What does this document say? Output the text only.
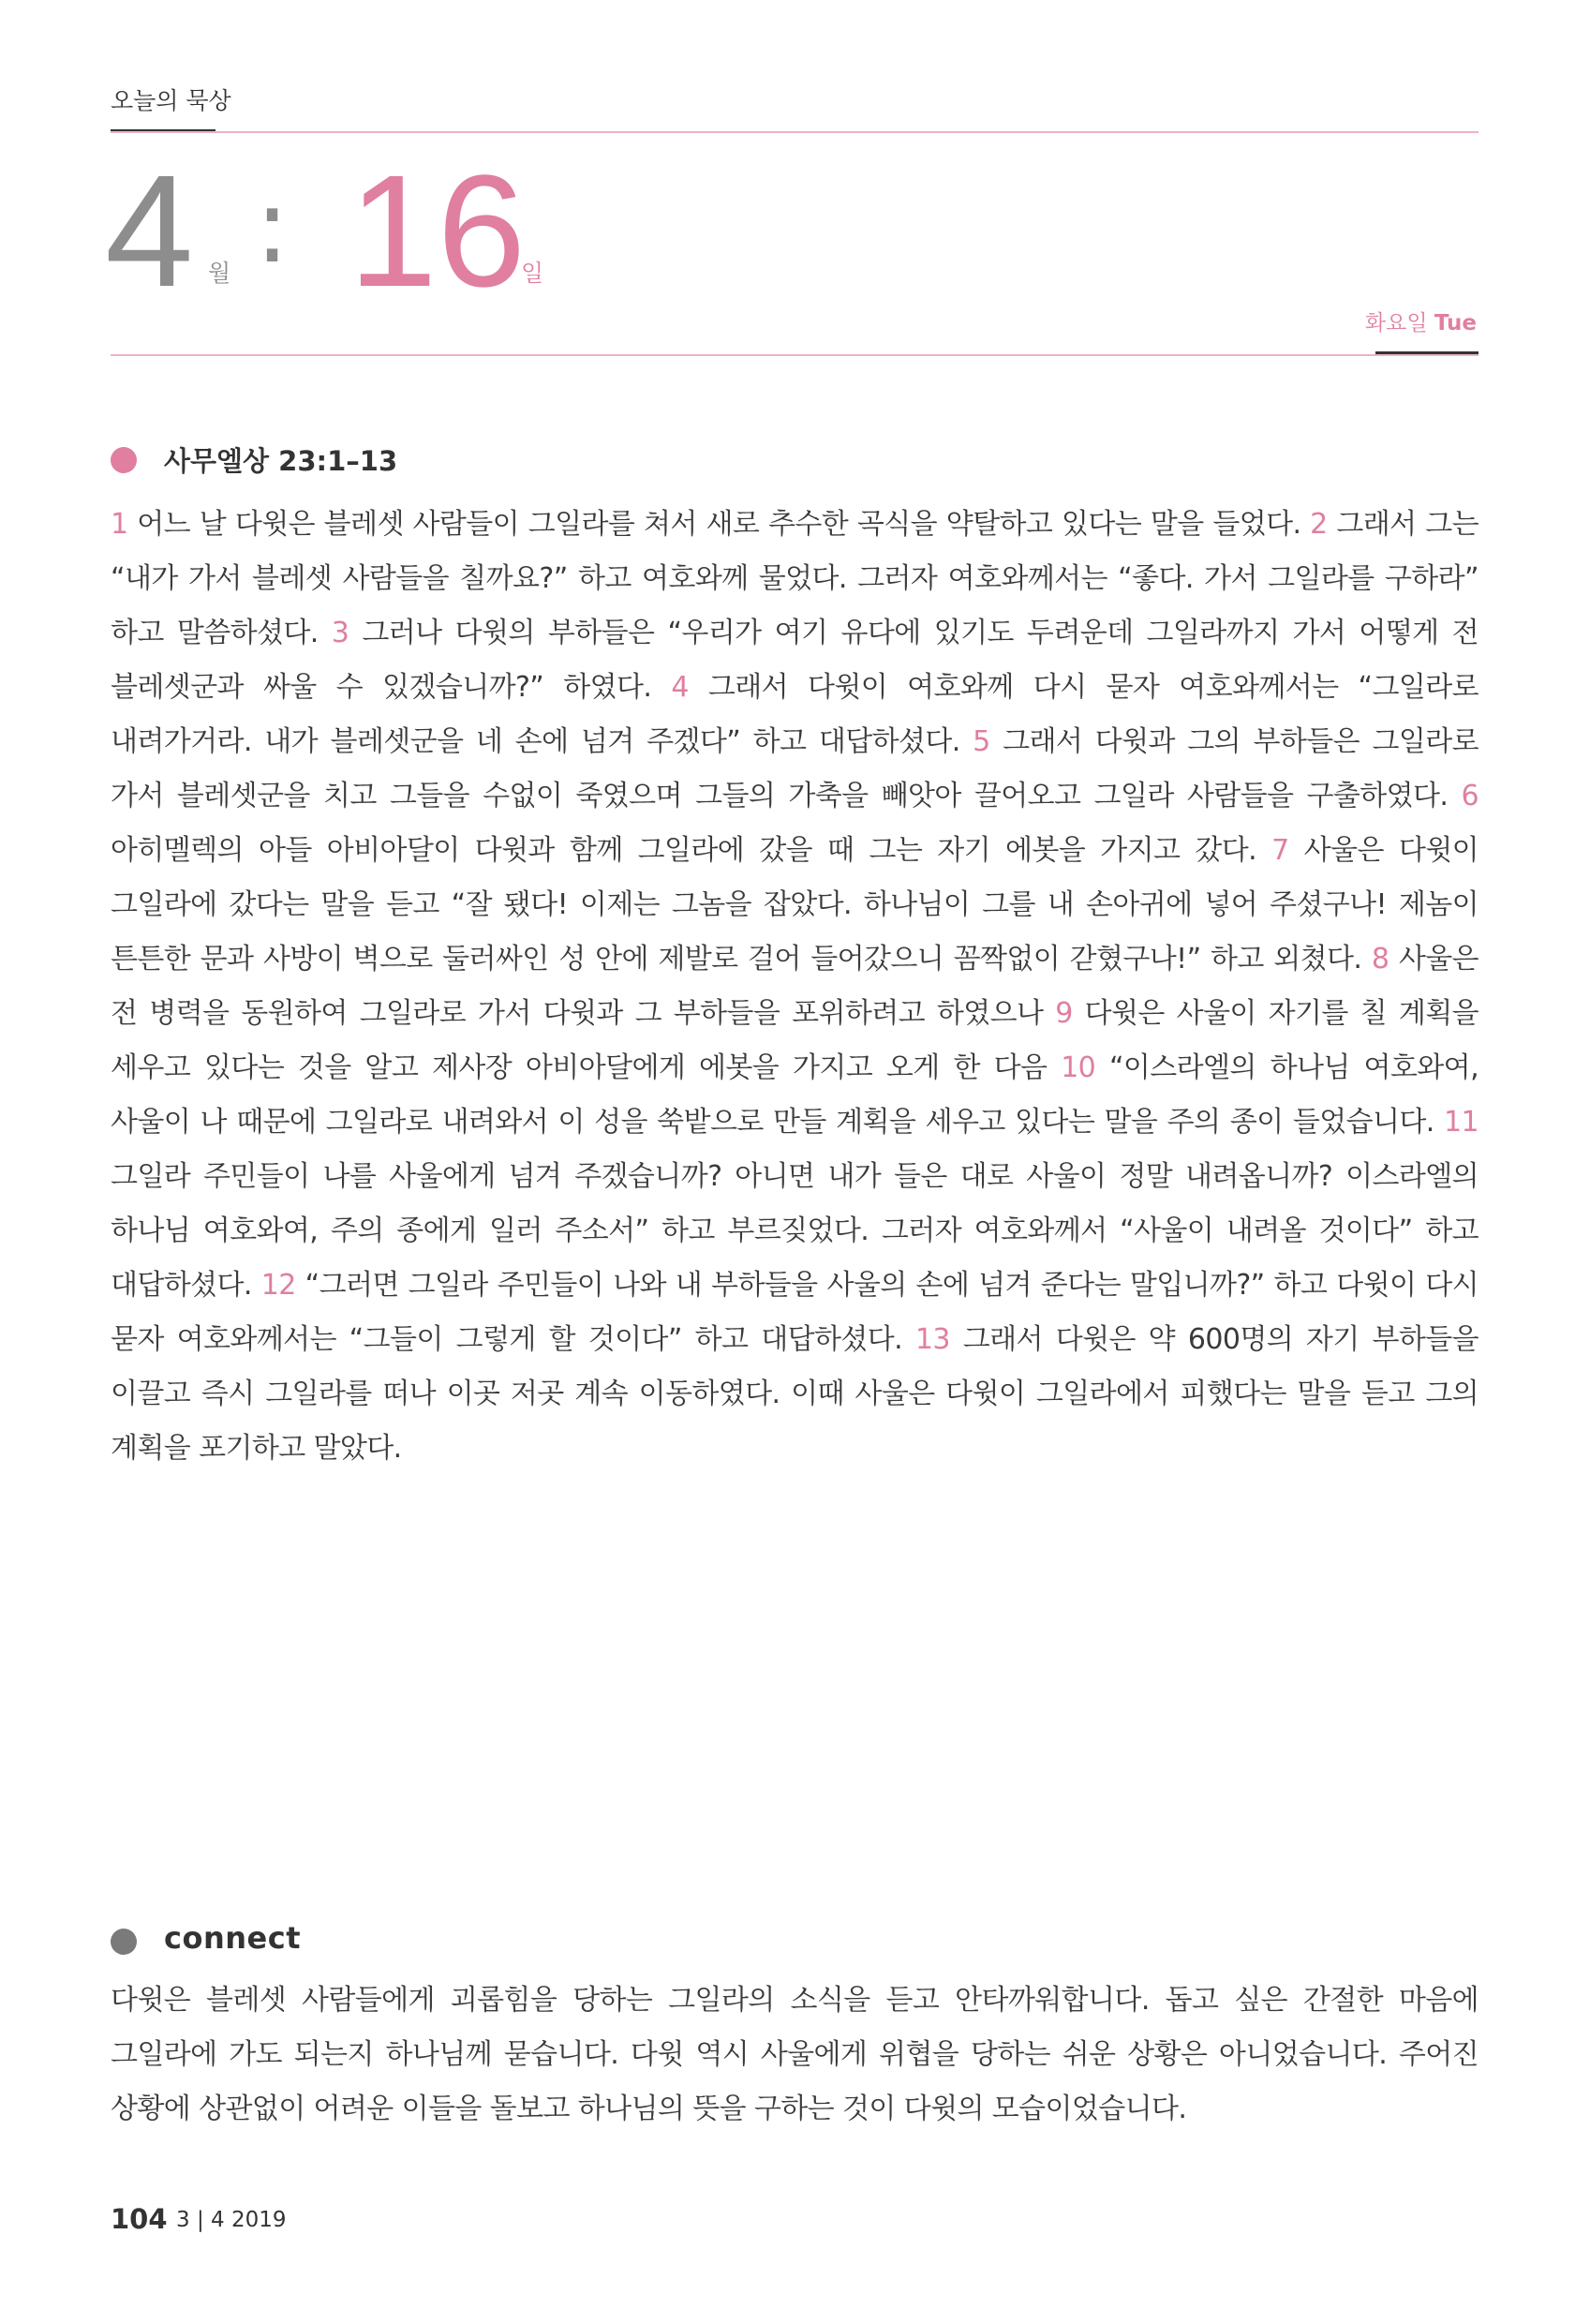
오늘의 묵상
4 월 : 16
일
화요일 Tue
사무엘상 23:1–13
1 어느 날 다윗은 블레셋 사람들이 그일라를 쳐서 새로 추수한 곡식을 약탈하고 있다는 말을 들었다. 2 그래서 그는 “내가 가서 블레셋 사람들을 칠까요?” 하고 여호와께 물었다. 그러자 여호와께서는 “좋다. 가서 그일라를 구하라” 하고 말씀하셨다. 3 그러나 다윗의 부하들은 “우리가 여기 유다에 있기도 두려운데 그일라까지 가서 어떻게 전 블레셋군과 싸울 수 있겠습니까?” 하였다. 4 그래서 다윗이 여호와께 다시 묻자 여호와께서는 “그일라로 내려가거라. 내가 블레셋군을 네 손에 넘겨 주겠다” 하고 대답하셨다. 5 그래서 다윗과 그의 부하들은 그일라로 가서 블레셋군을 치고 그들을 수없이 죽였으며 그들의 가축을 빼앗아 끌어오고 그일라 사람들을 구출하였다. 6 아히멜렉의 아들 아비아달이 다윗과 함께 그일라에 갔을 때 그는 자기 에봇을 가지고 갔다. 7 사울은 다윗이 그일라에 갔다는 말을 듣고 “잘 됐다! 이제는 그놈을 잡았다. 하나님이 그를 내 손아귀에 넣어 주셨구나! 제놈이 튼튼한 문과 사방이 벽으로 둘러싸인 성 안에 제발로 걸어 들어갔으니 꼼짝없이 갇혔구나!” 하고 외쳤다. 8 사울은 전 병력을 동원하여 그일라로 가서 다윗과 그 부하들을 포위하려고 하였으나 9 다윗은 사울이 자기를 칠 계획을 세우고 있다는 것을 알고 제사장 아비아달에게 에봇을 가지고 오게 한 다음 10 “이스라엘의 하나님 여호와여, 사울이 나 때문에 그일라로 내려와서 이 성을 쑥밭으로 만들 계획을 세우고 있다는 말을 주의 종이 들었습니다. 11 그일라 주민들이 나를 사울에게 넘겨 주겠습니까? 아니면 내가 들은 대로 사울이 정말 내려옵니까? 이스라엘의 하나님 여호와여, 주의 종에게 일러 주소서” 하고 부르짖었다. 그러자 여호와께서 “사울이 내려올 것이다” 하고 대답하셨다. 12 “그러면 그일라 주민들이 나와 내 부하들을 사울의 손에 넘겨 준다는 말입니까?” 하고 다윗이 다시 묻자 여호와께서는 “그들이 그렇게 할 것이다” 하고 대답하셨다. 13 그래서 다윗은 약 600명의 자기 부하들을 이끌고 즉시 그일라를 떠나 이곳 저곳 계속 이동하였다. 이때 사울은 다윗이 그일라에서 피했다는 말을 듣고 그의 계획을 포기하고 말았다.
connect
다윗은 블레셋 사람들에게 괴롭힘을 당하는 그일라의 소식을 듣고 안타까워합니다. 돕고 싶은 간절한 마음에 그일라에 가도 되는지 하나님께 묻습니다. 다윗 역시 사울에게 위협을 당하는 쉬운 상황은 아니었습니다. 주어진 상황에 상관없이 어려운 이들을 돌보고 하나님의 뜻을 구하는 것이 다윗의 모습이었습니다.
104 3 | 4 2019
